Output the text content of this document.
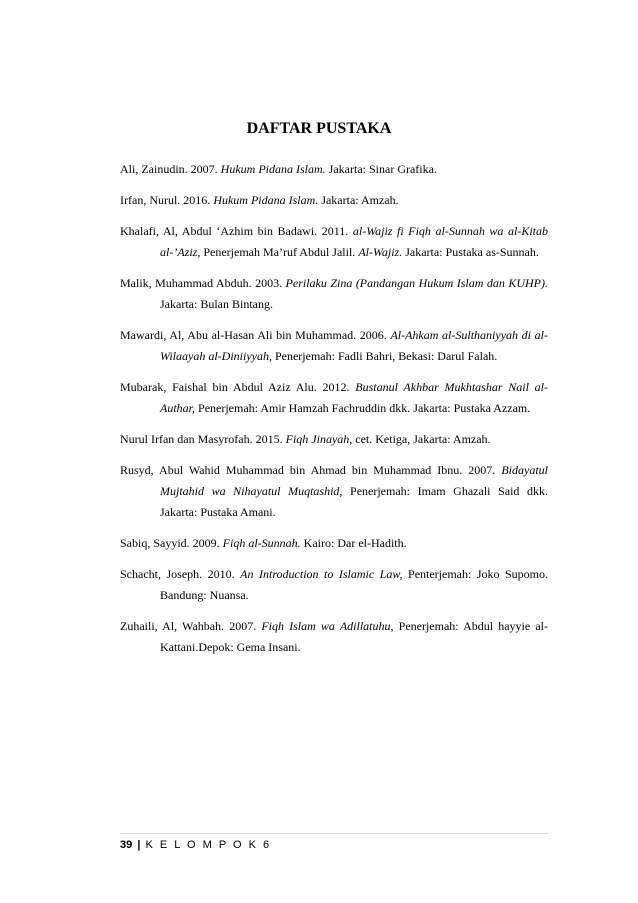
DAFTAR PUSTAKA

Ali, Zainudin. 2007. Hukum Pidana Islam. Jakarta: Sinar Grafika.

Irfan, Nurul. 2016. Hukum Pidana Islam. Jakarta: Amzah.

Khalafi, Al, Abdul ‘Azhim bin Badawi. 2011. al-Wajiz fi Fiqh al-Sunnah wa al-Kitab al-’Aziz, Penerjemah Ma’ruf Abdul Jalil. Al-Wajiz. Jakarta: Pustaka as-Sunnah.

Malik, Muhammad Abduh. 2003. Perilaku Zina (Pandangan Hukum Islam dan KUHP). Jakarta: Bulan Bintang.

Mawardi, Al, Abu al-Hasan Ali bin Muhammad. 2006. Al-Ahkam al-Sulthaniyyah di al-Wilaayah al-Diniiyyah, Penerjemah: Fadli Bahri, Bekasi: Darul Falah.

Mubarak, Faishal bin Abdul Aziz Alu. 2012. Bustanul Akhbar Mukhtashar Nail al-Authar, Penerjemah: Amir Hamzah Fachruddin dkk. Jakarta: Pustaka Azzam.

Nurul Irfan dan Masyrofah. 2015. Fiqh Jinayah, cet. Ketiga, Jakarta: Amzah.

Rusyd, Abul Wahid Muhammad bin Ahmad bin Muhammad Ibnu. 2007. Bidayatul Mujtahid wa Nihayatul Muqtashid, Penerjemah: Imam Ghazali Said dkk. Jakarta: Pustaka Amani.

Sabiq, Sayyid. 2009. Fiqh al-Sunnah. Kairo: Dar el-Hadith.

Schacht, Joseph. 2010. An Introduction to Islamic Law, Penterjemah: Joko Supomo. Bandung: Nuansa.

Zuhaili, Al, Wahbah. 2007. Fiqh Islam wa Adillatuhu, Penerjemah: Abdul hayyie al-Kattani.Depok: Gema Insani.

39 | K E L O M P O K 6
